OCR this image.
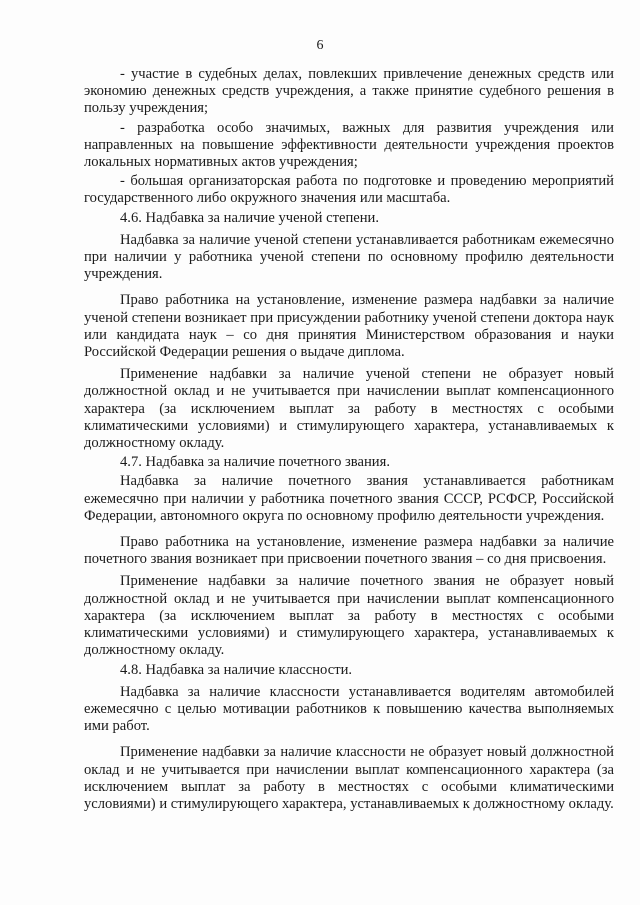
6

- участие в судебных делах, повлекших привлечение денежных средств или экономию денежных средств учреждения, а также принятие судебного решения в пользу учреждения;

- разработка особо значимых, важных для развития учреждения или направленных на повышение эффективности деятельности учреждения проектов локальных нормативных актов учреждения;

- большая организаторская работа по подготовке и проведению мероприятий государственного либо окружного значения или масштаба.

4.6. Надбавка за наличие ученой степени.

Надбавка за наличие ученой степени устанавливается работникам ежемесячно при наличии у работника ученой степени по основному профилю деятельности учреждения.

Право работника на установление, изменение размера надбавки за наличие ученой степени возникает при присуждении работнику ученой степени доктора наук или кандидата наук – со дня принятия Министерством образования и науки Российской Федерации решения о выдаче диплома.

Применение надбавки за наличие ученой степени не образует новый должностной оклад и не учитывается при начислении выплат компенсационного характера (за исключением выплат за работу в местностях с особыми климатическими условиями) и стимулирующего характера, устанавливаемых к должностному окладу.

4.7. Надбавка за наличие почетного звания.

Надбавка за наличие почетного звания устанавливается работникам ежемесячно при наличии у работника почетного звания СССР, РСФСР, Российской Федерации, автономного округа по основному профилю деятельности учреждения.

Право работника на установление, изменение размера надбавки за наличие почетного звания возникает при присвоении почетного звания – со дня присвоения.

Применение надбавки за наличие почетного звания не образует новый должностной оклад и не учитывается при начислении выплат компенсационного характера (за исключением выплат за работу в местностях с особыми климатическими условиями) и стимулирующего характера, устанавливаемых к должностному окладу.

4.8. Надбавка за наличие классности.

Надбавка за наличие классности устанавливается водителям автомобилей ежемесячно с целью мотивации работников к повышению качества выполняемых ими работ.

Применение надбавки за наличие классности не образует новый должностной оклад и не учитывается при начислении выплат компенсационного характера (за исключением выплат за работу в местностях с особыми климатическими условиями) и стимулирующего характера, устанавливаемых к должностному окладу.
